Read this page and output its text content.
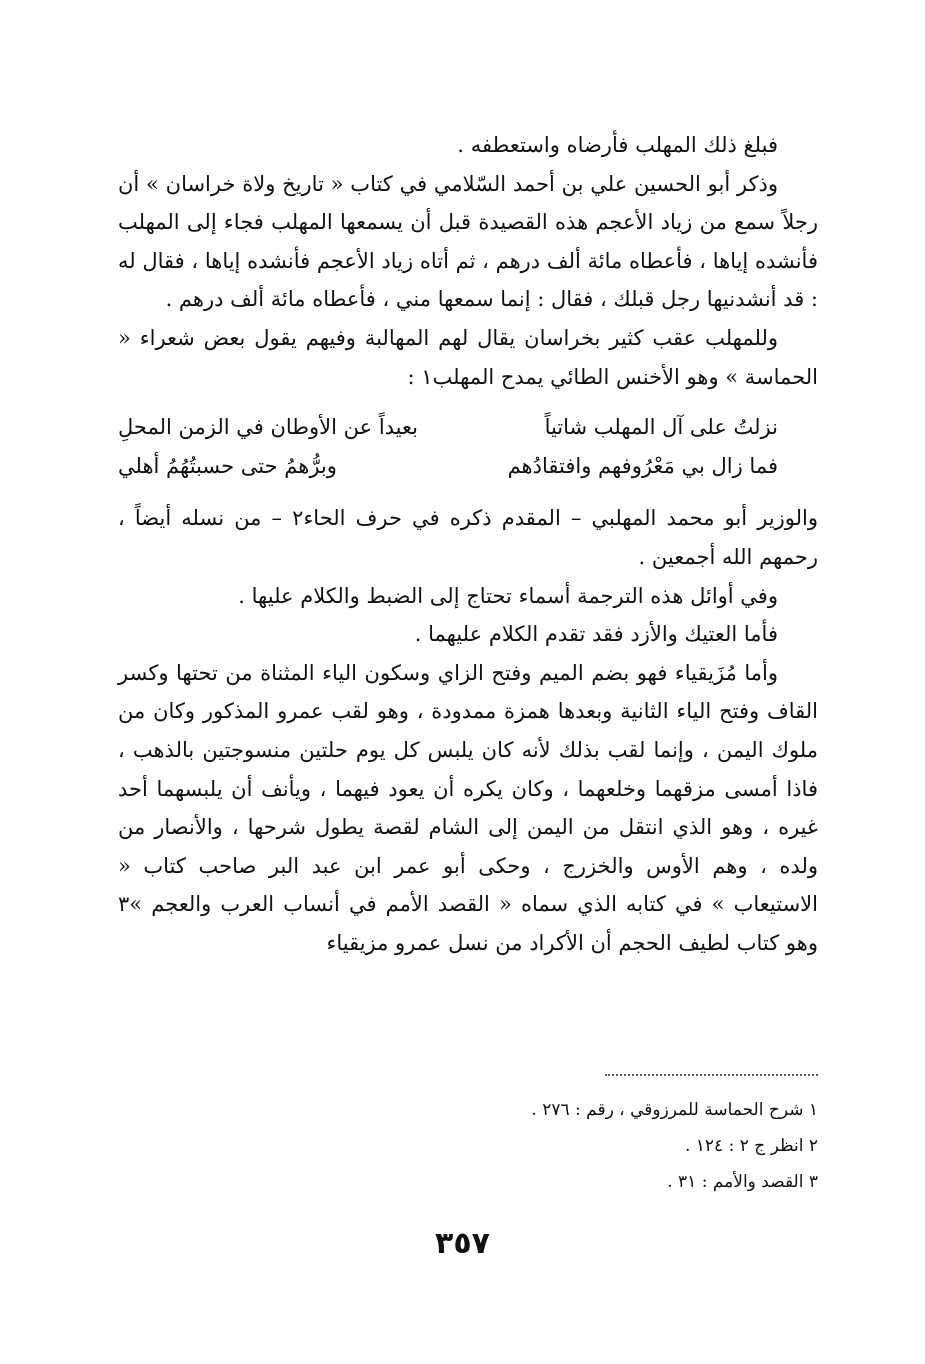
فبلغ ذلك المهلب فأرضاه واستعطفه .

وذكر أبو الحسين علي بن أحمد السّلامي في كتاب « تاريخ ولاة خراسان » أن رجلاً سمع من زياد الأعجم هذه القصيدة قبل أن يسمعها المهلب فجاء إلى المهلب فأنشده إياها ، فأعطاه مائة ألف درهم ، ثم أتاه زياد الأعجم فأنشده إياها ، فقال له : قد أنشدنيها رجل قبلك ، فقال : إنما سمعها مني ، فأعطاه مائة ألف درهم .

وللمهلب عقب كثير بخراسان يقال لهم المهالبة وفيهم يقول بعض شعراء « الحماسة » وهو الأخنس الطائي يمدح المهلب١ :

نزلتُ على آل المهلب شاتياً
بعيداً عن الأوطان في الزمن المحلِ
فما زال بي مَعْرُوفهم وافتقادُهم
وبرُّهمُ حتى حسبتُهُمُ أهلي

والوزير أبو محمد المهلبي – المقدم ذكره في حرف الحاء٢ – من نسله أيضاً ، رحمهم الله أجمعين .

وفي أوائل هذه الترجمة أسماء تحتاج إلى الضبط والكلام عليها .

فأما العتيك والأزد فقد تقدم الكلام عليهما .

وأما مُزَيقياء فهو بضم الميم وفتح الزاي وسكون الياء المثناة من تحتها وكسر القاف وفتح الياء الثانية وبعدها همزة ممدودة ، وهو لقب عمرو المذكور وكان من ملوك اليمن ، وإنما لقب بذلك لأنه كان يلبس كل يوم حلتين منسوجتين بالذهب ، فاذا أمسى مزقهما وخلعهما ، وكان يكره أن يعود فيهما ، ويأنف أن يلبسهما أحد غيره ، وهو الذي انتقل من اليمن إلى الشام لقصة يطول شرحها ، والأنصار من ولده ، وهم الأوس والخزرج ، وحكى أبو عمر ابن عبد البر صاحب كتاب « الاستيعاب » في كتابه الذي سماه « القصد الأمم في أنساب العرب والعجم »٣ وهو كتاب لطيف الحجم أن الأكراد من نسل عمرو مزيقياء

١ شرح الحماسة للمرزوقي ، رقم : ٢٧٦ .

٢ انظر ج ٢ : ١٢٤ .

٣ القصد والأمم : ٣١ .

٣٥٧
